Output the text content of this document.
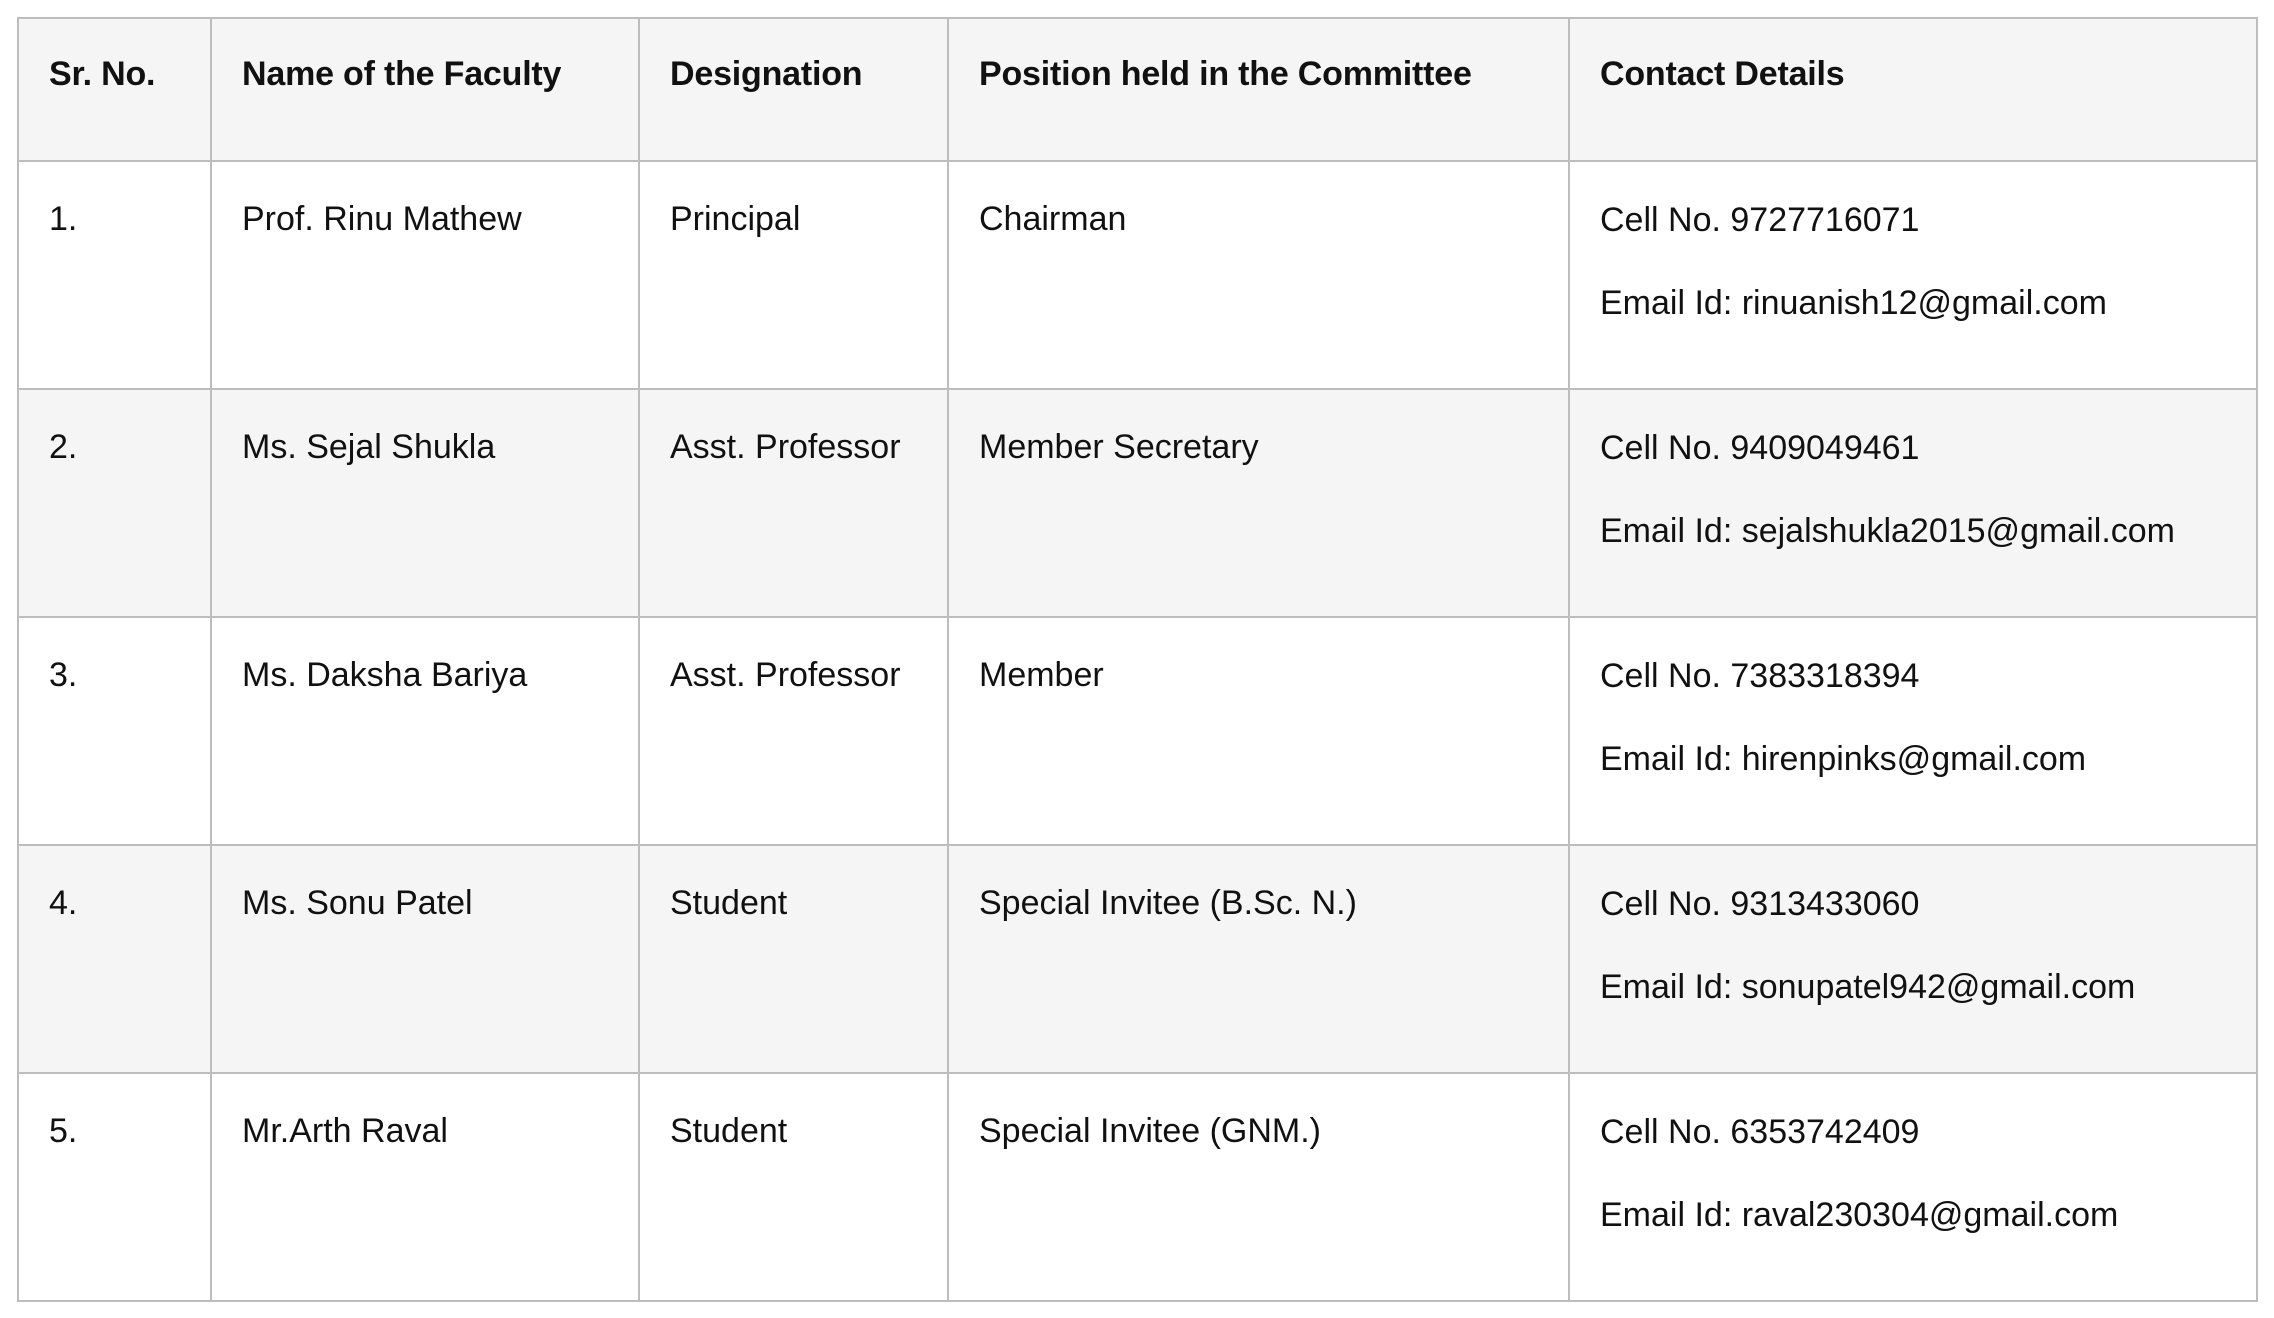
Sr. No.	Name of the Faculty	Designation	Position held in the Committee	Contact Details
1.	Prof. Rinu Mathew	Principal	Chairman	Cell No. 9727716071
Email Id: rinuanish12@gmail.com

2.	Ms. Sejal Shukla	Asst. Professor	Member Secretary	Cell No. 9409049461
Email Id: sejalshukla2015@gmail.com

3.	Ms. Daksha Bariya	Asst. Professor	Member	Cell No. 7383318394
Email Id: hirenpinks@gmail.com

4.	Ms. Sonu Patel	Student	Special Invitee (B.Sc. N.)	Cell No. 9313433060
Email Id: sonupatel942@gmail.com

5.	Mr.Arth Raval	Student	Special Invitee (GNM.)	Cell No. 6353742409
Email Id: raval230304@gmail.com
